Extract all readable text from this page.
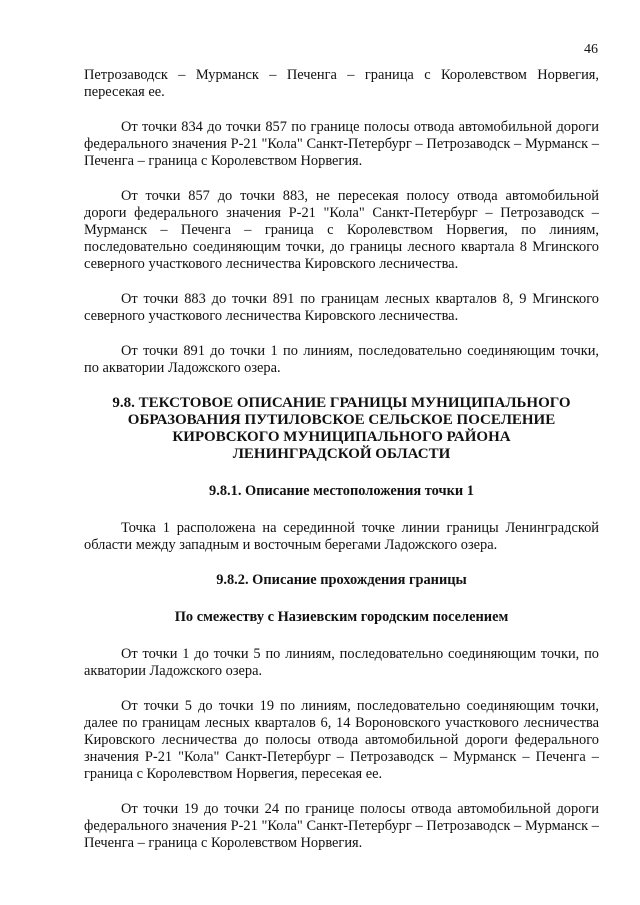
46

Петрозаводск – Мурманск – Печенга – граница с Королевством Норвегия, пересекая ее.

От точки 834 до точки 857 по границе полосы отвода автомобильной дороги федерального значения Р-21 "Кола" Санкт-Петербург – Петрозаводск – Мурманск – Печенга – граница с Королевством Норвегия.

От точки 857 до точки 883, не пересекая полосу отвода автомобильной дороги федерального значения Р-21 "Кола" Санкт-Петербург – Петрозаводск – Мурманск – Печенга – граница с Королевством Норвегия, по линиям, последовательно соединяющим точки, до границы лесного квартала 8 Мгинского северного участкового лесничества Кировского лесничества.

От точки 883 до точки 891 по границам лесных кварталов 8, 9 Мгинского северного участкового лесничества Кировского лесничества.

От точки 891 до точки 1 по линиям, последовательно соединяющим точки, по акватории Ладожского озера.

9.8. ТЕКСТОВОЕ ОПИСАНИЕ ГРАНИЦЫ МУНИЦИПАЛЬНОГО
ОБРАЗОВАНИЯ ПУТИЛОВСКОЕ СЕЛЬСКОЕ ПОСЕЛЕНИЕ
КИРОВСКОГО МУНИЦИПАЛЬНОГО РАЙОНА
ЛЕНИНГРАДСКОЙ ОБЛАСТИ
9.8.1. Описание местоположения точки 1

Точка 1 расположена на серединной точке линии границы Ленинградской области между западным и восточным берегами Ладожского озера.

9.8.2. Описание прохождения границы
По смежеству с Назиевским городским поселением

От точки 1 до точки 5 по линиям, последовательно соединяющим точки, по акватории Ладожского озера.

От точки 5 до точки 19 по линиям, последовательно соединяющим точки, далее по границам лесных кварталов 6, 14 Вороновского участкового лесничества Кировского лесничества до полосы отвода автомобильной дороги федерального значения Р-21 "Кола" Санкт-Петербург – Петрозаводск – Мурманск – Печенга – граница с Королевством Норвегия, пересекая ее.

От точки 19 до точки 24 по границе полосы отвода автомобильной дороги федерального значения Р-21 "Кола" Санкт-Петербург – Петрозаводск – Мурманск – Печенга – граница с Королевством Норвегия.
